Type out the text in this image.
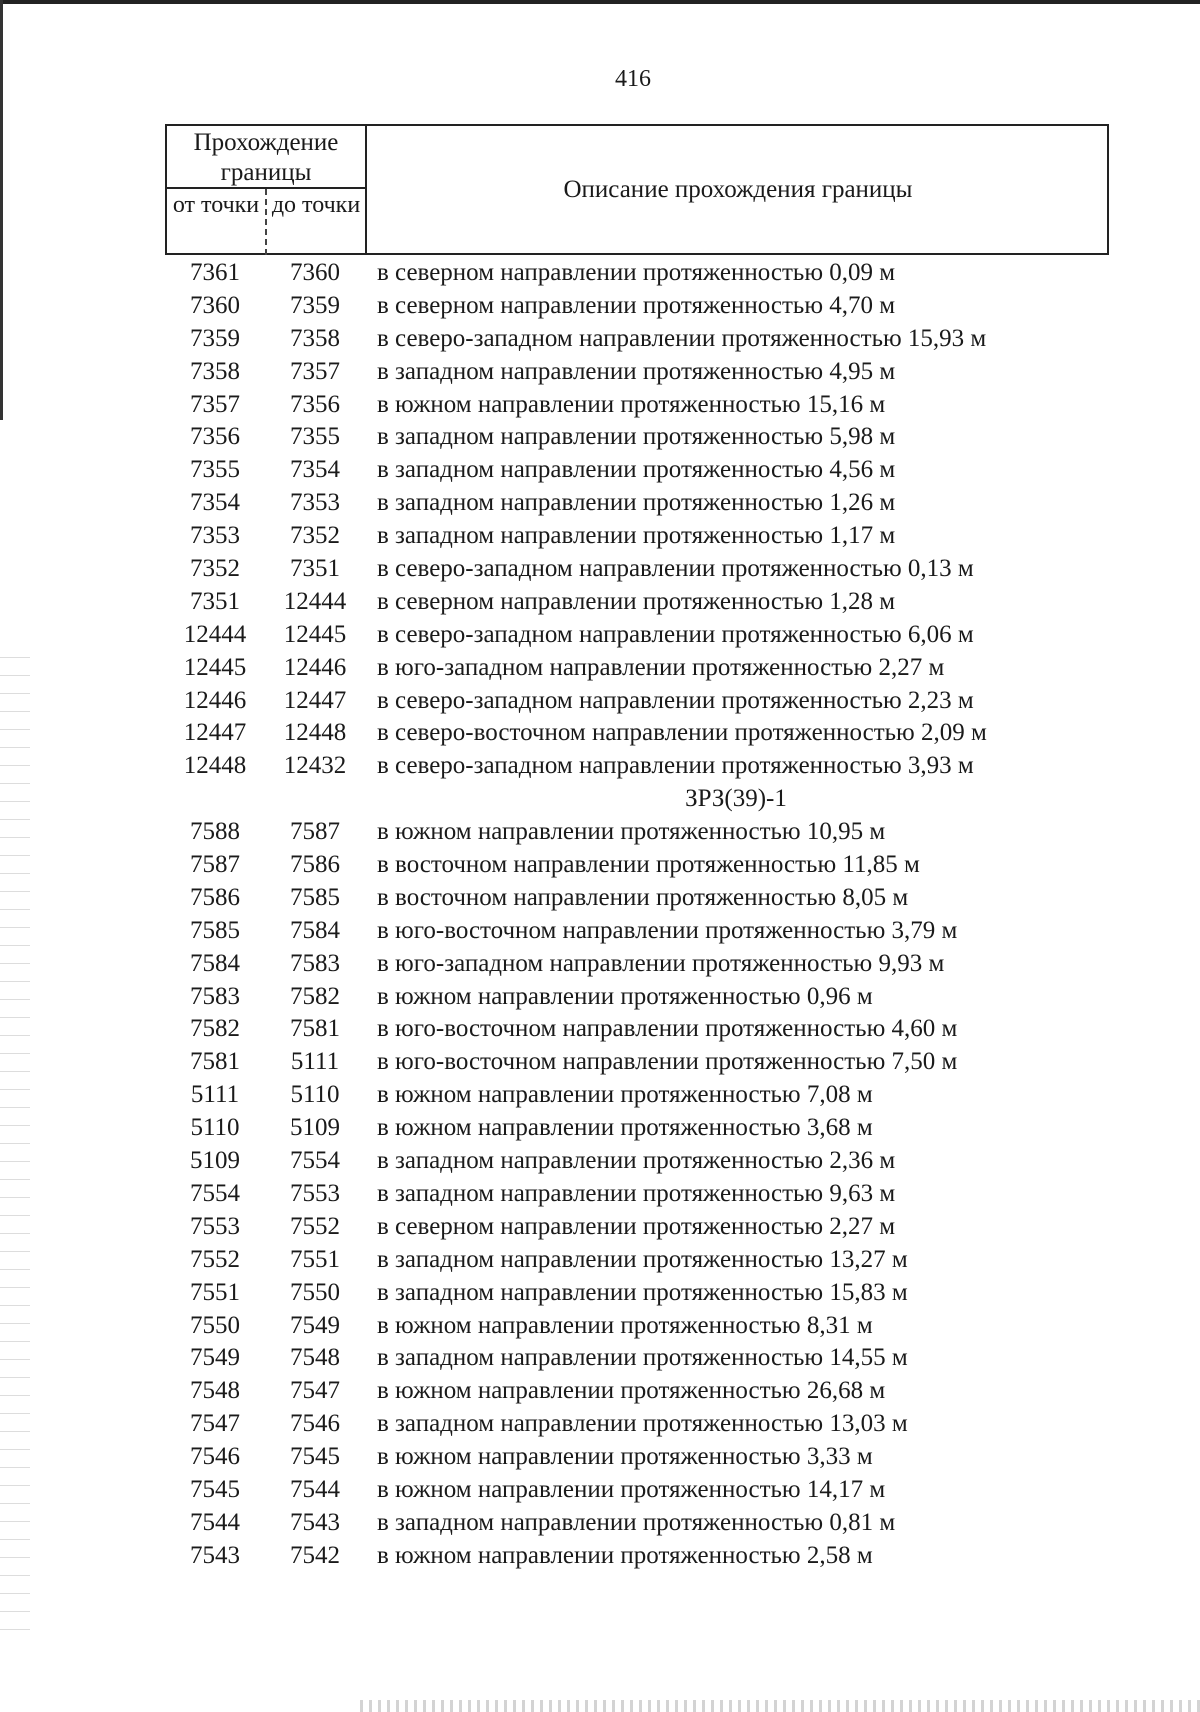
416
Прохождение границы
от точки до точки
Описание прохождения границы
7361	7360	в северном направлении протяженностью 0,09 м
7360	7359	в северном направлении протяженностью 4,70 м
7359	7358	в северо-западном направлении протяженностью 15,93 м
7358	7357	в западном направлении протяженностью 4,95 м
7357	7356	в южном направлении протяженностью 15,16 м
7356	7355	в западном направлении протяженностью 5,98 м
7355	7354	в западном направлении протяженностью 4,56 м
7354	7353	в западном направлении протяженностью 1,26 м
7353	7352	в западном направлении протяженностью 1,17 м
7352	7351	в северо-западном направлении протяженностью 0,13 м
7351	12444	в северном направлении протяженностью 1,28 м
12444	12445	в северо-западном направлении протяженностью 6,06 м
12445	12446	в юго-западном направлении протяженностью 2,27 м
12446	12447	в северо-западном направлении протяженностью 2,23 м
12447	12448	в северо-восточном направлении протяженностью 2,09 м
12448	12432	в северо-западном направлении протяженностью 3,93 м
ЗРЗ(39)-1
7588	7587	в южном направлении протяженностью 10,95 м
7587	7586	в восточном направлении протяженностью 11,85 м
7586	7585	в восточном направлении протяженностью 8,05 м
7585	7584	в юго-восточном направлении протяженностью 3,79 м
7584	7583	в юго-западном направлении протяженностью 9,93 м
7583	7582	в южном направлении протяженностью 0,96 м
7582	7581	в юго-восточном направлении протяженностью 4,60 м
7581	5111	в юго-восточном направлении протяженностью 7,50 м
5111	5110	в южном направлении протяженностью 7,08 м
5110	5109	в южном направлении протяженностью 3,68 м
5109	7554	в западном направлении протяженностью 2,36 м
7554	7553	в западном направлении протяженностью 9,63 м
7553	7552	в северном направлении протяженностью 2,27 м
7552	7551	в западном направлении протяженностью 13,27 м
7551	7550	в западном направлении протяженностью 15,83 м
7550	7549	в южном направлении протяженностью 8,31 м
7549	7548	в западном направлении протяженностью 14,55 м
7548	7547	в южном направлении протяженностью 26,68 м
7547	7546	в западном направлении протяженностью 13,03 м
7546	7545	в южном направлении протяженностью 3,33 м
7545	7544	в южном направлении протяженностью 14,17 м
7544	7543	в западном направлении протяженностью 0,81 м
7543	7542	в южном направлении протяженностью 2,58 м
